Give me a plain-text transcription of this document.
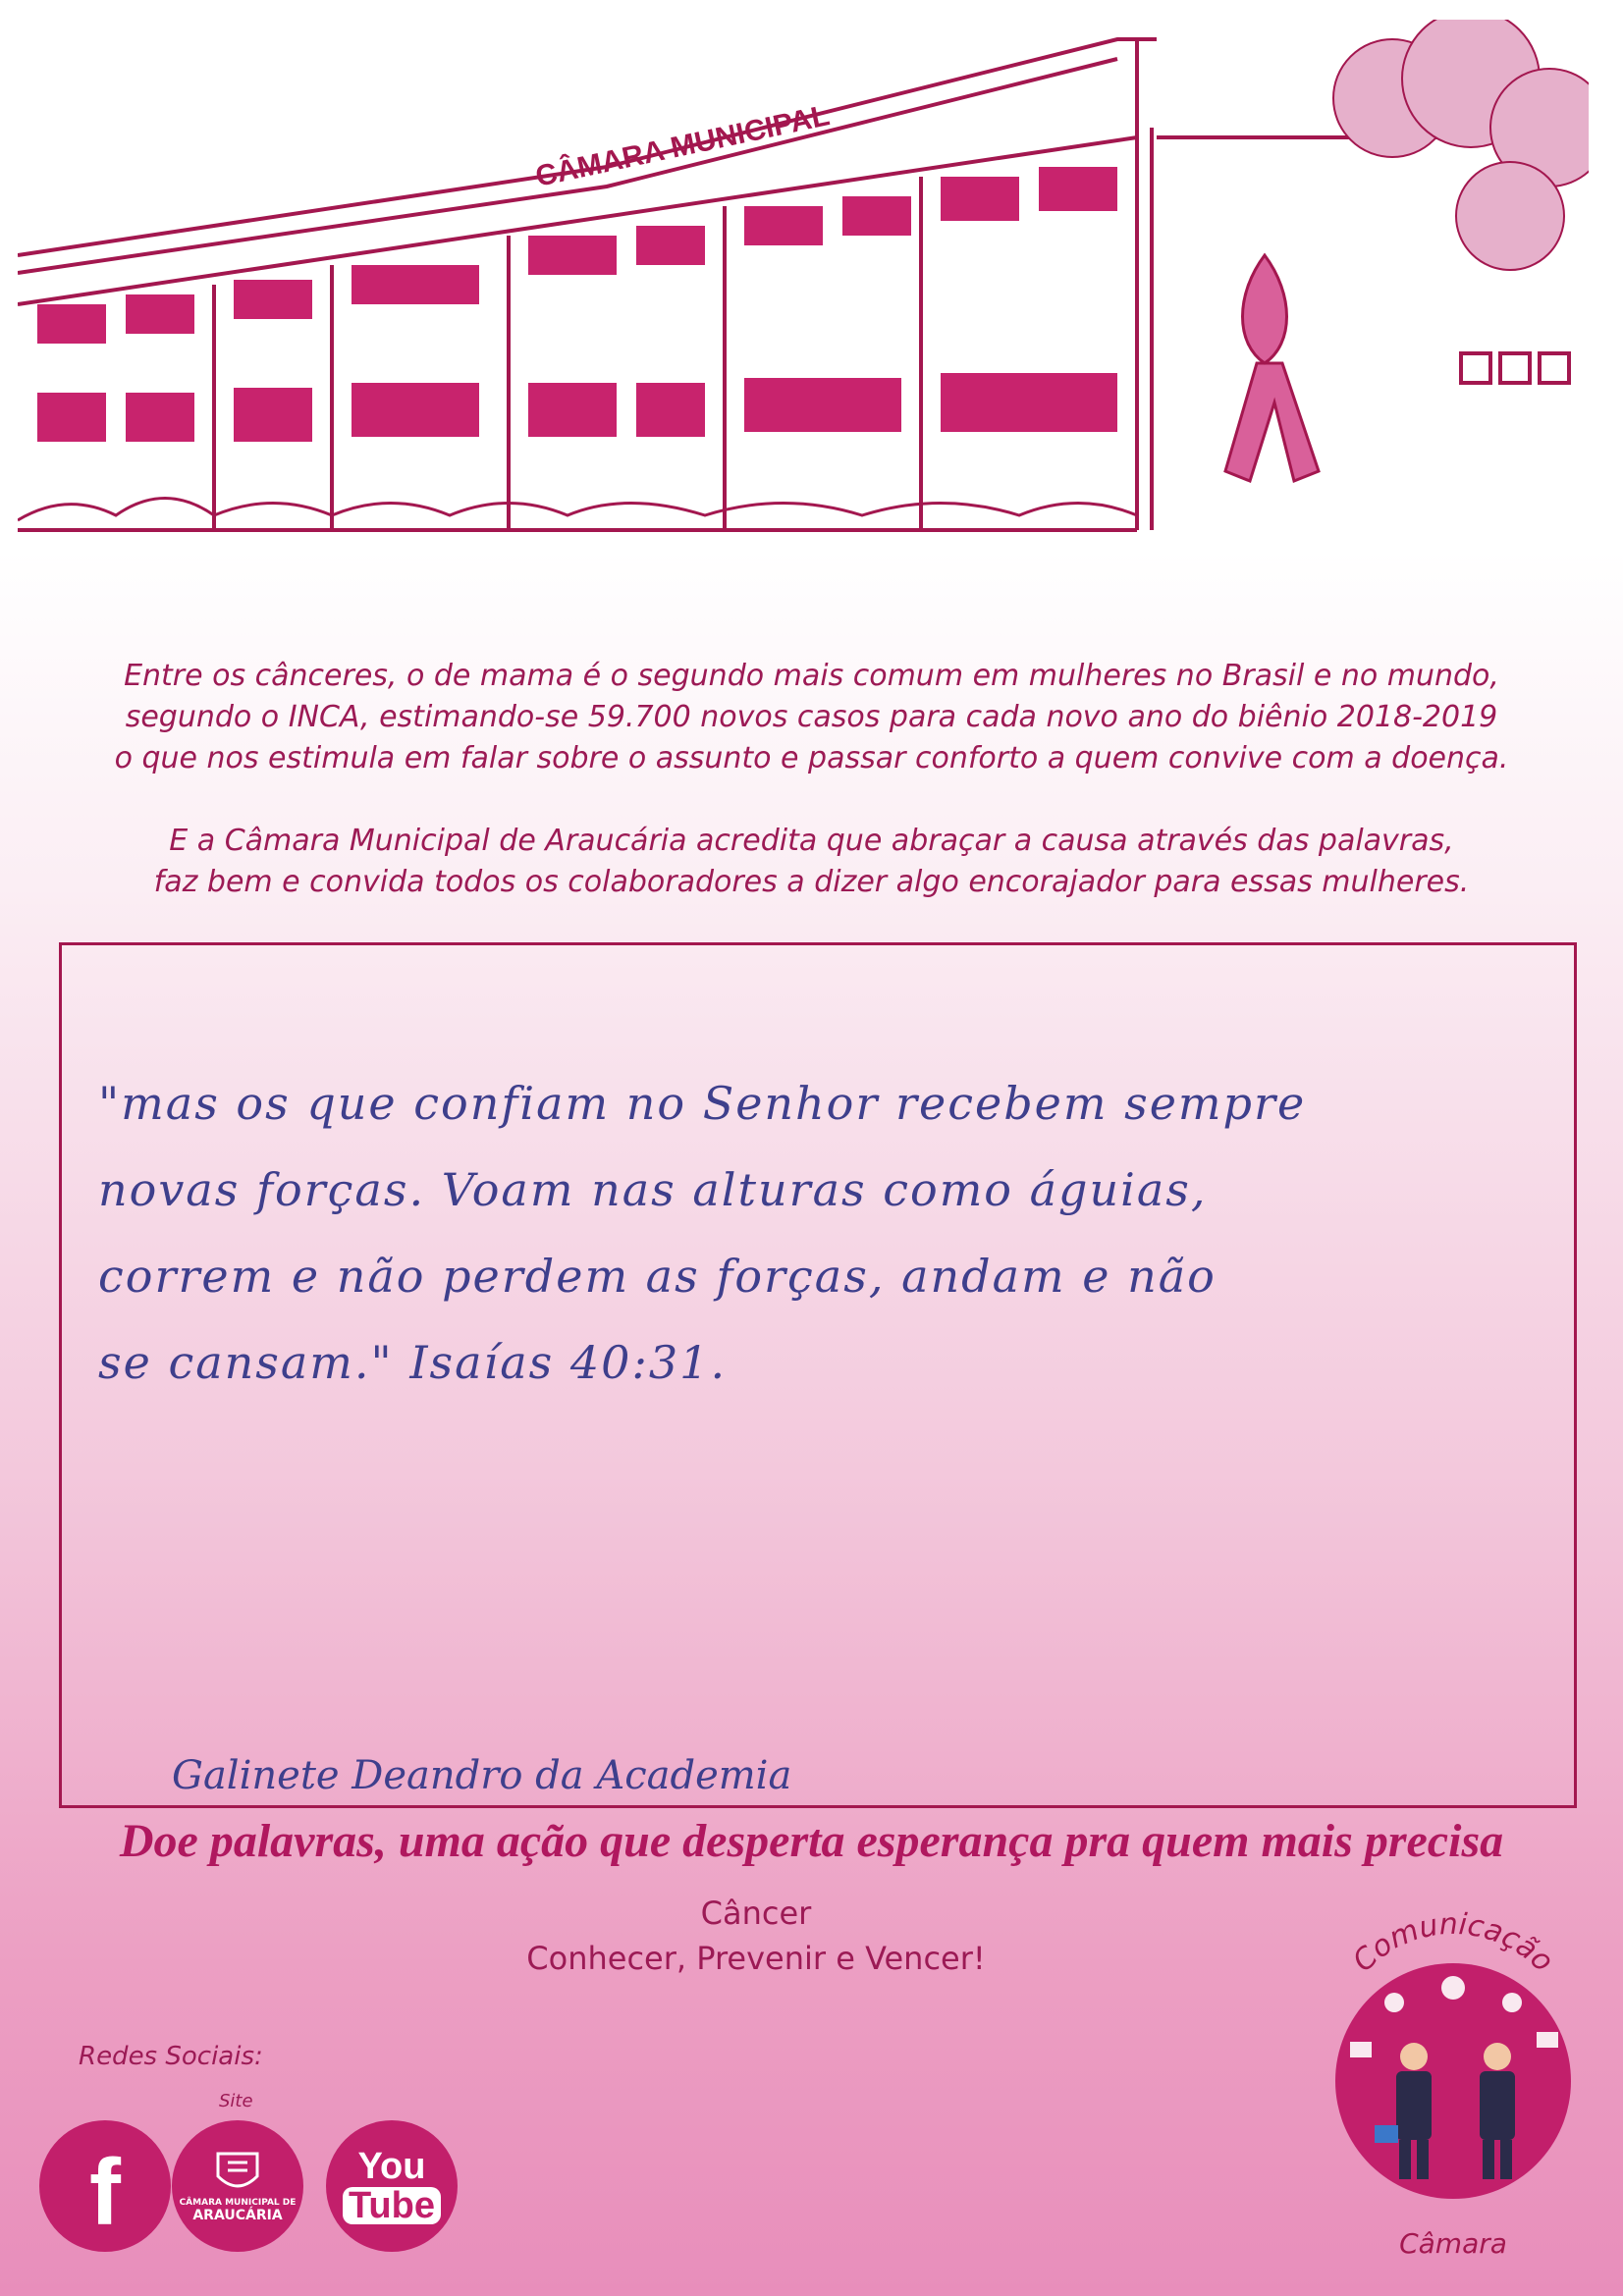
CÂMARA MUNICIPAL

Entre os cânceres, o de mama é o segundo mais comum em mulheres no Brasil e no mundo,

segundo o INCA, estimando-se 59.700 novos casos para cada novo ano do biênio 2018-2019

o que nos estimula em falar sobre o assunto e passar conforto a quem convive com a doença.

E a Câmara Municipal de Araucária acredita que abraçar a causa através das palavras,

faz bem e convida todos os colaboradores a dizer algo encorajador para essas mulheres.

"mas os que confiam no Senhor recebem sempre

novas forças. Voam nas alturas como águias,

correm e não perdem as forças, andam e não

se cansam." Isaías 40:31.

Galinete Deandro da Academia
Doe palavras, uma ação que desperta esperança pra quem mais precisa
Câncer
Conhecer, Prevenir e Vencer!
Redes Sociais:
Site
f	CÂMARA MUNICIPAL DE
ARAUCÁRIA
You
Tube
Comunicação
Câmara
